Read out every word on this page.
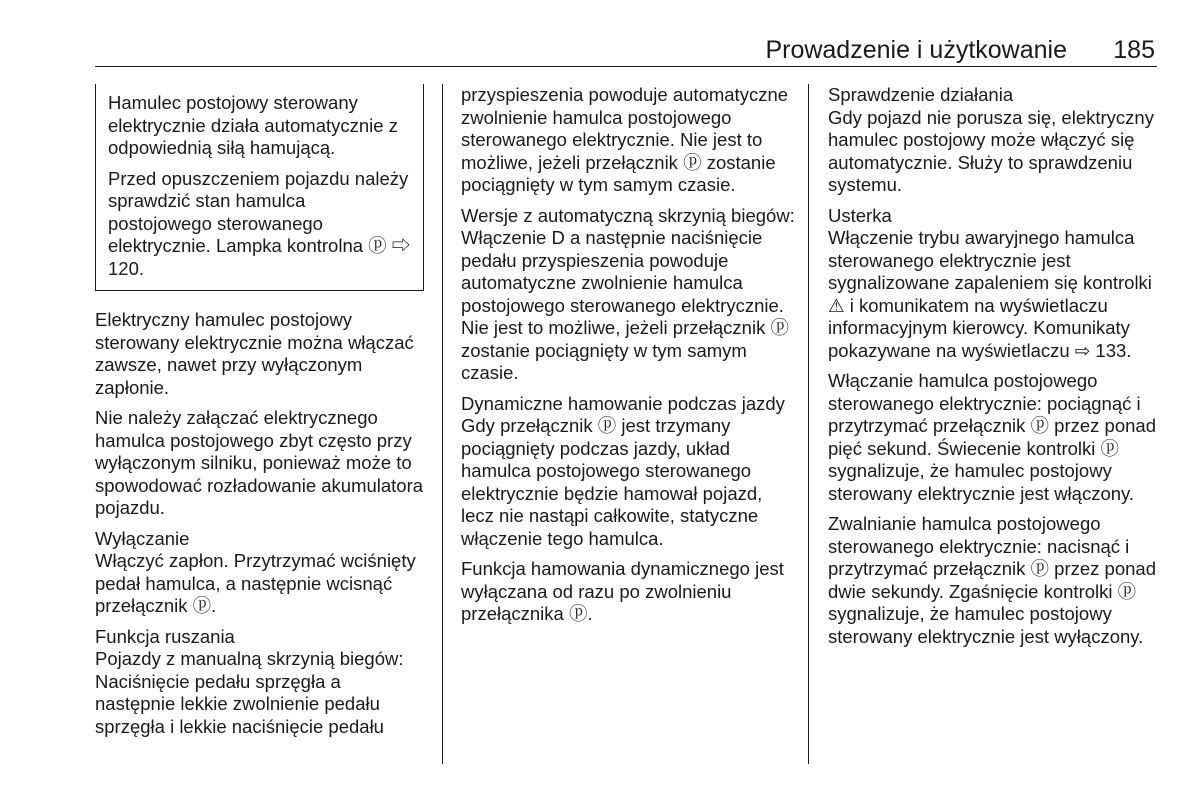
Prowadzenie i użytkowanie 185

Hamulec postojowy sterowany elektrycznie działa automatycznie z odpowiednią siłą hamującą.

Przed opuszczeniem pojazdu należy sprawdzić stan hamulca postojowego sterowanego elektrycznie. Lampka kontrolna ⓟ ⇨ 120.

Elektryczny hamulec postojowy sterowany elektrycznie można włączać zawsze, nawet przy wyłączonym zapłonie.

Nie należy załączać elektrycznego hamulca postojowego zbyt często przy wyłączonym silniku, ponieważ może to spowodować rozładowanie akumulatora pojazdu.

Wyłączanie

Włączyć zapłon. Przytrzymać wciśnięty pedał hamulca, a następnie wcisnąć przełącznik ⓟ.

Funkcja ruszania

Pojazdy z manualną skrzynią biegów: Naciśnięcie pedału sprzęgła a następnie lekkie zwolnienie pedału sprzęgła i lekkie naciśnięcie pedału

przyspieszenia powoduje automatyczne zwolnienie hamulca postojowego sterowanego elektrycznie. Nie jest to możliwe, jeżeli przełącznik ⓟ zostanie pociągnięty w tym samym czasie.

Wersje z automatyczną skrzynią biegów: Włączenie D a następnie naciśnięcie pedału przyspieszenia powoduje automatyczne zwolnienie hamulca postojowego sterowanego elektrycznie. Nie jest to możliwe, jeżeli przełącznik ⓟ zostanie pociągnięty w tym samym czasie.

Dynamiczne hamowanie podczas jazdy

Gdy przełącznik ⓟ jest trzymany pociągnięty podczas jazdy, układ hamulca postojowego sterowanego elektrycznie będzie hamował pojazd, lecz nie nastąpi całkowite, statyczne włączenie tego hamulca.

Funkcja hamowania dynamicznego jest wyłączana od razu po zwolnieniu przełącznika ⓟ.

Sprawdzenie działania

Gdy pojazd nie porusza się, elektryczny hamulec postojowy może włączyć się automatycznie. Służy to sprawdzeniu systemu.

Usterka

Włączenie trybu awaryjnego hamulca sterowanego elektrycznie jest sygnalizowane zapaleniem się kontrolki ⚠ i komunikatem na wyświetlaczu informacyjnym kierowcy. Komunikaty pokazywane na wyświetlaczu ⇨ 133.

Włączanie hamulca postojowego sterowanego elektrycznie: pociągnąć i przytrzymać przełącznik ⓟ przez ponad pięć sekund. Świecenie kontrolki ⓟ sygnalizuje, że hamulec postojowy sterowany elektrycznie jest włączony.

Zwalnianie hamulca postojowego sterowanego elektrycznie: nacisnąć i przytrzymać przełącznik ⓟ przez ponad dwie sekundy. Zgaśnięcie kontrolki ⓟ sygnalizuje, że hamulec postojowy sterowany elektrycznie jest wyłączony.
